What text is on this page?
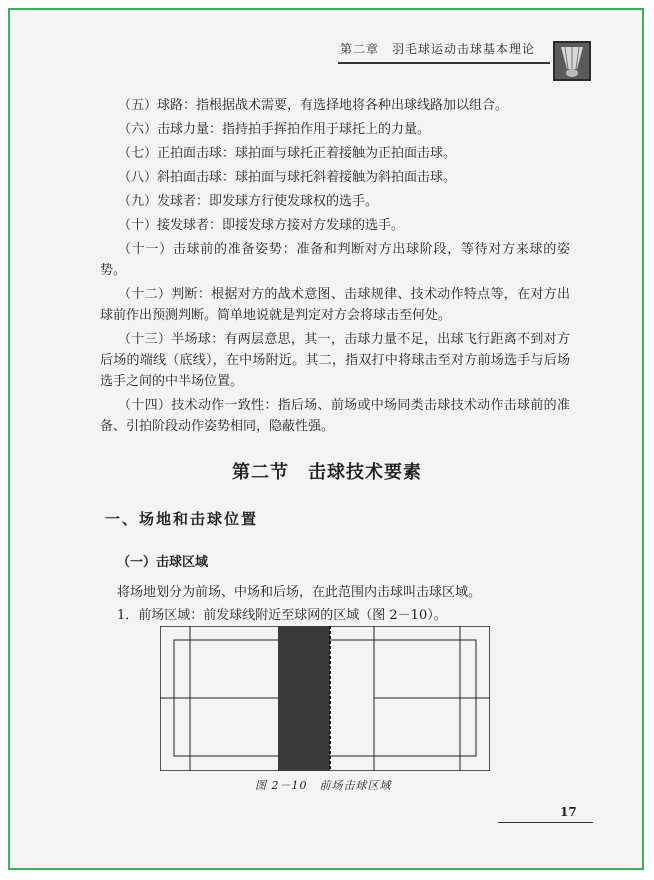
第二章　羽毛球运动击球基本理论

（五）球路：指根据战术需要，有选择地将各种出球线路加以组合。

（六）击球力量：指持拍手挥拍作用于球托上的力量。

（七）正拍面击球：球拍面与球托正着接触为正拍面击球。

（八）斜拍面击球：球拍面与球托斜着接触为斜拍面击球。

（九）发球者：即发球方行使发球权的选手。

（十）接发球者：即接发球方接对方发球的选手。

（十一）击球前的准备姿势：准备和判断对方出球阶段，等待对方来球的姿势。

（十二）判断：根据对方的战术意图、击球规律、技术动作特点等，在对方出球前作出预测判断。简单地说就是判定对方会将球击至何处。

（十三）半场球：有两层意思，其一，击球力量不足，出球飞行距离不到对方后场的端线（底线），在中场附近。其二，指双打中将球击至对方前场选手与后场选手之间的中半场位置。

（十四）技术动作一致性：指后场、前场或中场同类击球技术动作击球前的准备、引拍阶段动作姿势相同，隐蔽性强。

第二节　击球技术要素
一、场地和击球位置
（一）击球区域
将场地划分为前场、中场和后场，在此范围内击球叫击球区域。
1．前场区域：前发球线附近至球网的区域（图 2－10）。
图 2－10　前场击球区域
17
